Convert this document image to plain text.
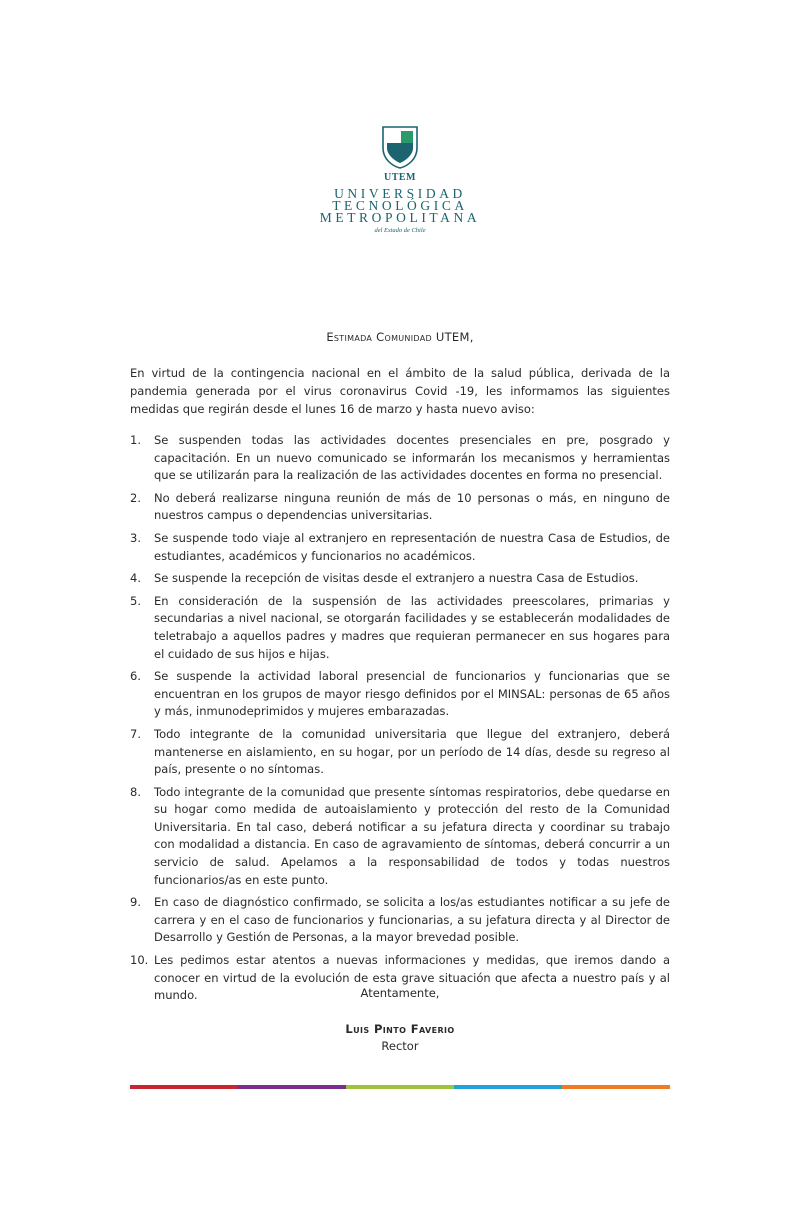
UTEM
UNIVERSIDAD
TECNOLÓGICA
METROPOLITANA
del Estado de Chile
Estimada Comunidad UTEM,

En virtud de la contingencia nacional en el ámbito de la salud pública, derivada de la pandemia generada por el virus coronavirus Covid -19, les informamos las siguientes medidas que regirán desde el lunes 16 de marzo y hasta nuevo aviso:

1. Se suspenden todas las actividades docentes presenciales en pre, posgrado y capacitación. En un nuevo comunicado se informarán los mecanismos y herramientas que se utilizarán para la realización de las actividades docentes en forma no presencial.
2. No deberá realizarse ninguna reunión de más de 10 personas o más, en ninguno de nuestros campus o dependencias universitarias.
3. Se suspende todo viaje al extranjero en representación de nuestra Casa de Estudios, de estudiantes, académicos y funcionarios no académicos.
4. Se suspende la recepción de visitas desde el extranjero a nuestra Casa de Estudios.
5. En consideración de la suspensión de las actividades preescolares, primarias y secundarias a nivel nacional, se otorgarán facilidades y se establecerán modalidades de teletrabajo a aquellos padres y madres que requieran permanecer en sus hogares para el cuidado de sus hijos e hijas.
6. Se suspende la actividad laboral presencial de funcionarios y funcionarias que se encuentran en los grupos de mayor riesgo definidos por el MINSAL: personas de 65 años y más, inmunodeprimidos y mujeres embarazadas.
7. Todo integrante de la comunidad universitaria que llegue del extranjero, deberá mantenerse en aislamiento, en su hogar, por un período de 14 días, desde su regreso al país, presente o no síntomas.
8. Todo integrante de la comunidad que presente síntomas respiratorios, debe quedarse en su hogar como medida de autoaislamiento y protección del resto de la Comunidad Universitaria. En tal caso, deberá notificar a su jefatura directa y coordinar su trabajo con modalidad a distancia. En caso de agravamiento de síntomas, deberá concurrir a un servicio de salud. Apelamos a la responsabilidad de todos y todas nuestros funcionarios/as en este punto.
9. En caso de diagnóstico confirmado, se solicita a los/as estudiantes notificar a su jefe de carrera y en el caso de funcionarios y funcionarias, a su jefatura directa y al Director de Desarrollo y Gestión de Personas, a la mayor brevedad posible.
10. Les pedimos estar atentos a nuevas informaciones y medidas, que iremos dando a conocer en virtud de la evolución de esta grave situación que afecta a nuestro país y al mundo.	Atentamente,
Luis Pinto Faverio
Rector
